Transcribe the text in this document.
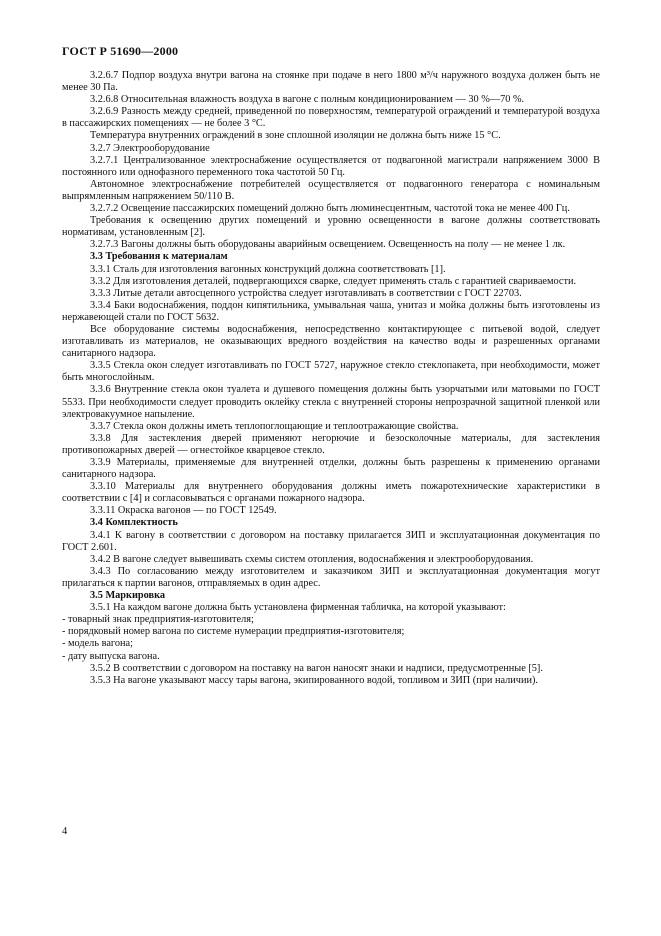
ГОСТ Р 51690—2000

3.2.6.7 Подпор воздуха внутри вагона на стоянке при подаче в него 1800 м³/ч наружного воздуха должен быть не менее 30 Па.

3.2.6.8 Относительная влажность воздуха в вагоне с полным кондиционированием — 30 %—70 %.

3.2.6.9 Разность между средней, приведенной по поверхностям, температурой ограждений и температурой воздуха в пассажирских помещениях — не более 3 °С.

Температура внутренних ограждений в зоне сплошной изоляции не должна быть ниже 15 °С.

3.2.7 Электрооборудование

3.2.7.1 Централизованное электроснабжение осуществляется от подвагонной магистрали напряжением 3000 В постоянного или однофазного переменного тока частотой 50 Гц.

Автономное электроснабжение потребителей осуществляется от подвагонного генератора с номинальным выпрямленным напряжением 50/110 В.

3.2.7.2 Освещение пассажирских помещений должно быть люминесцентным, частотой тока не менее 400 Гц.

Требования к освещению других помещений и уровню освещенности в вагоне должны соответствовать нормативам, установленным [2].

3.2.7.3 Вагоны должны быть оборудованы аварийным освещением. Освещенность на полу — не менее 1 лк.

3.3 Требования к материалам

3.3.1 Сталь для изготовления вагонных конструкций должна соответствовать [1].

3.3.2 Для изготовления деталей, подвергающихся сварке, следует применять сталь с гарантией свариваемости.

3.3.3 Литые детали автосцепного устройства следует изготавливать в соответствии с ГОСТ 22703.

3.3.4 Баки водоснабжения, поддон кипятильника, умывальная чаша, унитаз и мойка должны быть изготовлены из нержавеющей стали по ГОСТ 5632.

Все оборудование системы водоснабжения, непосредственно контактирующее с питьевой водой, следует изготавливать из материалов, не оказывающих вредного воздействия на качество воды и разрешенных органами санитарного надзора.

3.3.5 Стекла окон следует изготавливать по ГОСТ 5727, наружное стекло стеклопакета, при необходимости, может быть многослойным.

3.3.6 Внутренние стекла окон туалета и душевого помещения должны быть узорчатыми или матовыми по ГОСТ 5533. При необходимости следует проводить оклейку стекла с внутренней стороны непрозрачной защитной пленкой или электровакуумное напыление.

3.3.7 Стекла окон должны иметь теплопоглощающие и теплоотражающие свойства.

3.3.8 Для застекления дверей применяют негорючие и безосколочные материалы, для застекления противопожарных дверей — огнестойкое кварцевое стекло.

3.3.9 Материалы, применяемые для внутренней отделки, должны быть разрешены к применению органами санитарного надзора.

3.3.10 Материалы для внутреннего оборудования должны иметь пожаротехнические характеристики в соответствии с [4] и согласовываться с органами пожарного надзора.

3.3.11 Окраска вагонов — по ГОСТ 12549.

3.4 Комплектность

3.4.1 К вагону в соответствии с договором на поставку прилагается ЗИП и эксплуатационная документация по ГОСТ 2.601.

3.4.2 В вагоне следует вывешивать схемы систем отопления, водоснабжения и электрооборудования.

3.4.3 По согласованию между изготовителем и заказчиком ЗИП и эксплуатационная документация могут прилагаться к партии вагонов, отправляемых в один адрес.

3.5 Маркировка

3.5.1 На каждом вагоне должна быть установлена фирменная табличка, на которой указывают:

- товарный знак предприятия-изготовителя;

- порядковый номер вагона по системе нумерации предприятия-изготовителя;

- модель вагона;

- дату выпуска вагона.

3.5.2 В соответствии с договором на поставку на вагон наносят знаки и надписи, предусмотренные [5].

3.5.3 На вагоне указывают массу тары вагона, экипированного водой, топливом и ЗИП (при наличии).

4
